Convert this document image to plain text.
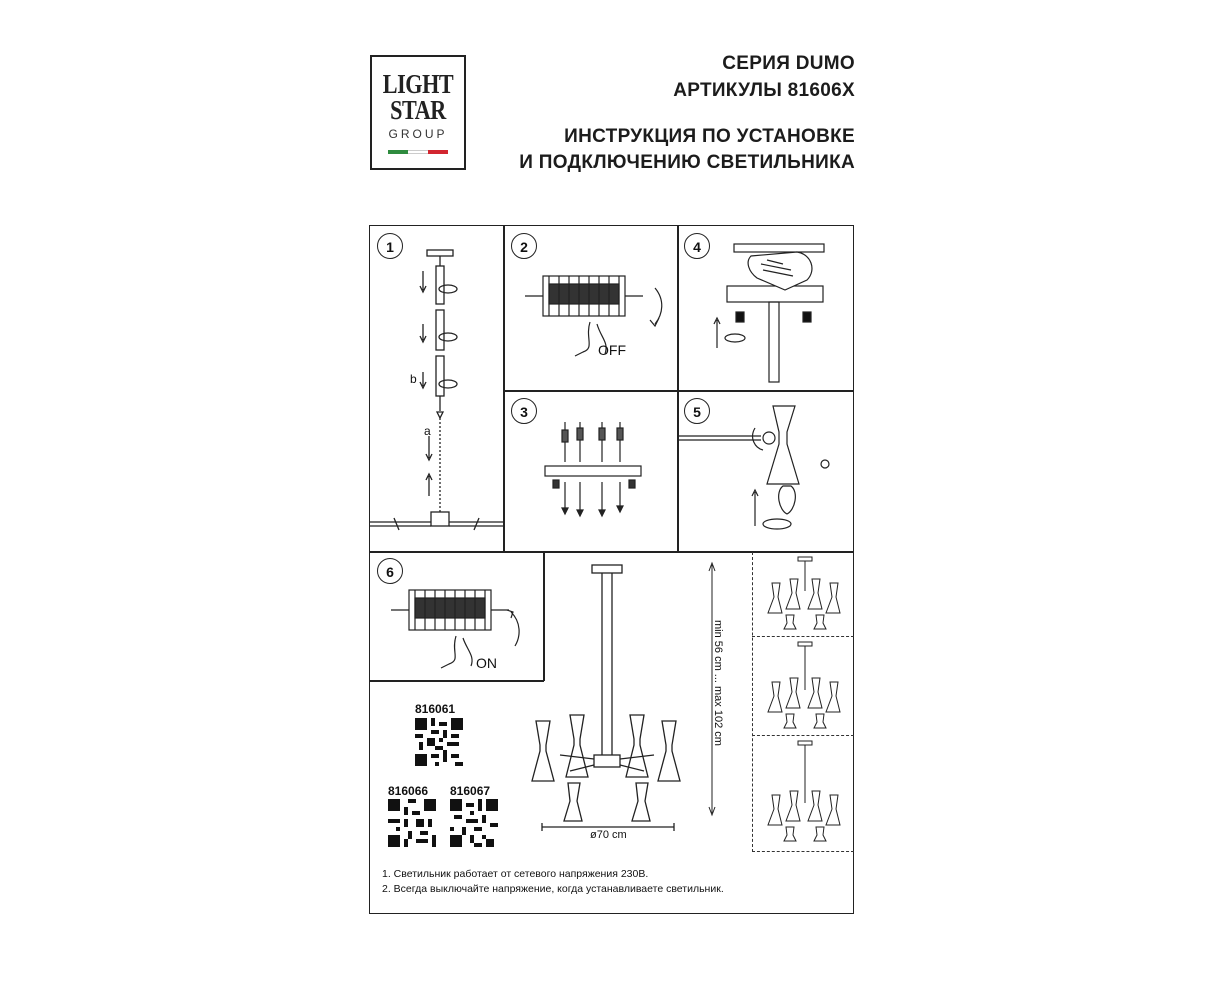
LIGHT
STAR
GROUP
СЕРИЯ DUMO
АРТИКУЛЫ 81606X
ИНСТРУКЦИЯ ПО УСТАНОВКЕ
И ПОДКЛЮЧЕНИЮ СВЕТИЛЬНИКА
1	2	4
3	5
6
b
a
OFF
ON	min 56 cm ... max 102 cm
ø70 cm
816061
816066 816067
1. Светильник работает от сетевого напряжения 230В.
2. Всегда выключайте напряжение, когда устанавливаете светильник.
